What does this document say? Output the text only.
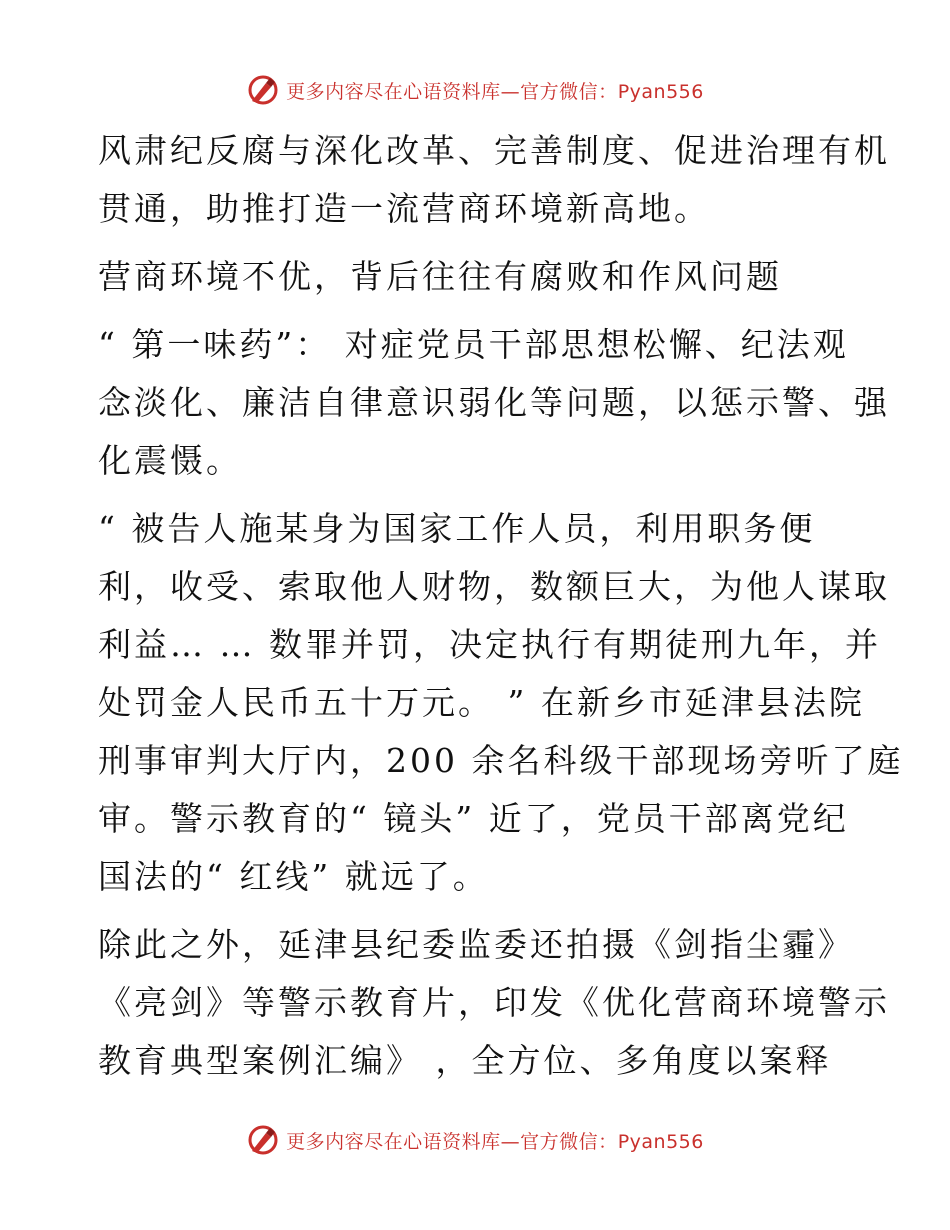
更多内容尽在心语资料库—官方微信：Pyan556
风肃纪反腐与深化改革、完善制度、促进治理有机
贯通，助推打造一流营商环境新高地。
营商环境不优，背后往往有腐败和作风问题
“ 第一味药”： 对症党员干部思想松懈、纪法观
念淡化、廉洁自律意识弱化等问题，以惩示警、强
化震慑。
“ 被告人施某身为国家工作人员，利用职务便
利，收受、索取他人财物，数额巨大，为他人谋取
利益… … 数罪并罚，决定执行有期徒刑九年，并
处罚金人民币五十万元。 ” 在新乡市延津县法院
刑事审判大厅内，200 余名科级干部现场旁听了庭
审。警示教育的“ 镜头” 近了，党员干部离党纪
国法的“ 红线” 就远了。
除此之外，延津县纪委监委还拍摄《剑指尘霾》
《亮剑》等警示教育片，印发《优化营商环境警示
教育典型案例汇编》 ，全方位、多角度以案释
更多内容尽在心语资料库—官方微信：Pyan556
